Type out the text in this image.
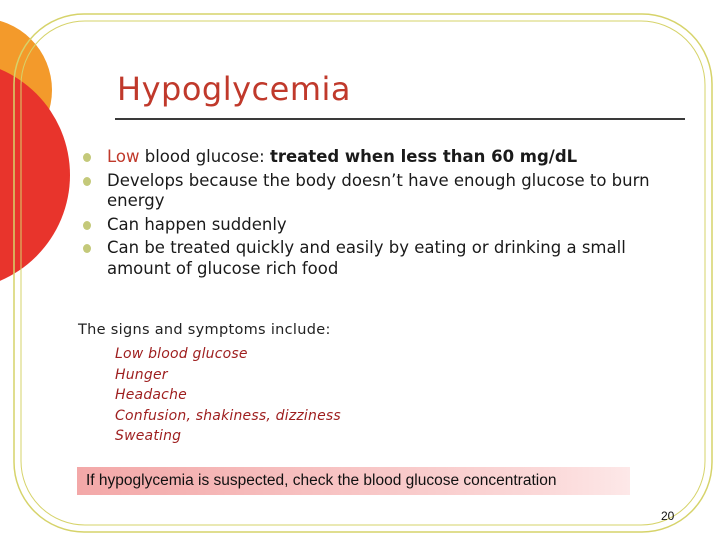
Hypoglycemia
Low blood glucose: treated when less than 60 mg/dL
Develops because the body doesn’t have enough glucose to burn energy
Can happen suddenly
Can be treated quickly and easily by eating or drinking a small amount of glucose rich food
The signs and symptoms include:
Low blood glucose
Hunger
Headache
Confusion, shakiness, dizziness
Sweating
If hypoglycemia is suspected, check the blood glucose concentration
20
